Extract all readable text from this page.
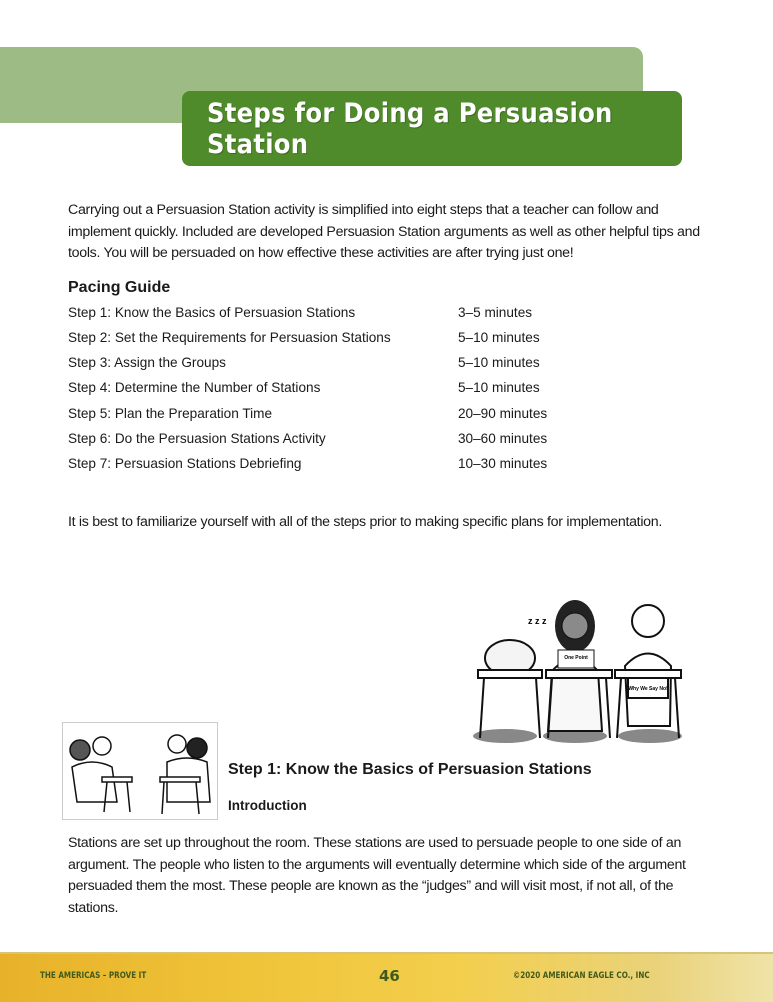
Steps for Doing a Persuasion Station
Carrying out a Persuasion Station activity is simplified into eight steps that a teacher can follow and implement quickly. Included are developed Persuasion Station arguments as well as other helpful tips and tools. You will be persuaded on how effective these activities are after trying just one!
Pacing Guide
Step 1: Know the Basics of Persuasion Stations	3–5 minutes
Step 2: Set the Requirements for Persuasion Stations	5–10 minutes
Step 3: Assign the Groups	5–10 minutes
Step 4: Determine the Number of Stations	5–10 minutes
Step 5: Plan the Preparation Time	20–90 minutes
Step 6: Do the Persuasion Stations Activity	30–60 minutes
Step 7: Persuasion Stations Debriefing	10–30 minutes
It is best to familiarize yourself with all of the steps prior to making specific plans for implementation.
z z z
One Point
Why We Say No!
Step 1: Know the Basics of Persuasion Stations
Introduction
Stations are set up throughout the room. These stations are used to persuade people to one side of an argument. The people who listen to the arguments will eventually determine which side of the argument persuaded them the most. These people are known as the “judges” and will visit most, if not all, of the stations.
THE AMERICAS – PROVE IT	46	©2020 AMERICAN EAGLE CO., INC
